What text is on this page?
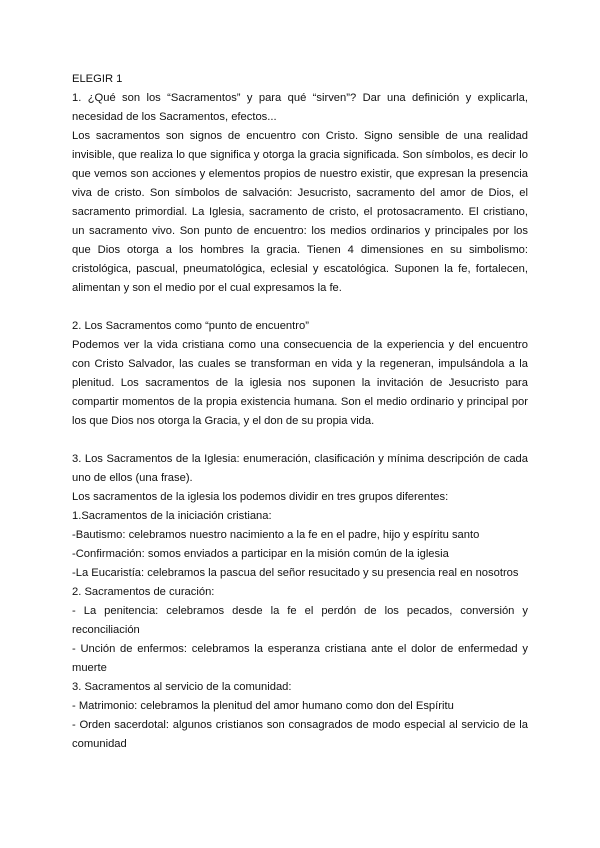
ELEGIR 1

1. ¿Qué son los “Sacramentos” y para qué “sirven”? Dar una definición y explicarla, necesidad de los Sacramentos, efectos...

Los sacramentos son signos de encuentro con Cristo. Signo sensible de una realidad invisible, que realiza lo que significa y otorga la gracia significada. Son símbolos, es decir lo que vemos son acciones y elementos propios de nuestro existir, que expresan la presencia viva de cristo. Son símbolos de salvación: Jesucristo, sacramento del amor de Dios, el sacramento primordial. La Iglesia, sacramento de cristo, el protosacramento. El cristiano, un sacramento vivo. Son punto de encuentro: los medios ordinarios y principales por los que Dios otorga a los hombres la gracia. Tienen 4 dimensiones en su simbolismo: cristológica, pascual, pneumatológica, eclesial y escatológica. Suponen la fe, fortalecen, alimentan y son el medio por el cual expresamos la fe.

2. Los Sacramentos como “punto de encuentro”

Podemos ver la vida cristiana como una consecuencia de la experiencia y del encuentro con Cristo Salvador, las cuales se transforman en vida y la regeneran, impulsándola a la plenitud. Los sacramentos de la iglesia nos suponen la invitación de Jesucristo para compartir momentos de la propia existencia humana. Son el medio ordinario y principal por los que Dios nos otorga la Gracia, y el don de su propia vida.

3. Los Sacramentos de la Iglesia: enumeración, clasificación y mínima descripción de cada uno de ellos (una frase).

Los sacramentos de la iglesia los podemos dividir en tres grupos diferentes:

1.Sacramentos de la iniciación cristiana:

-Bautismo: celebramos nuestro nacimiento a la fe en el padre, hijo y espíritu santo

-Confirmación: somos enviados a participar en la misión común de la iglesia

-La Eucaristía: celebramos la pascua del señor resucitado y su presencia real en nosotros

2. Sacramentos de curación:

- La penitencia: celebramos desde la fe el perdón de los pecados, conversión y reconciliación

- Unción de enfermos: celebramos la esperanza cristiana ante el dolor de enfermedad y muerte

3. Sacramentos al servicio de la comunidad:

- Matrimonio: celebramos la plenitud del amor humano como don del Espíritu

- Orden sacerdotal: algunos cristianos son consagrados de modo especial al servicio de la comunidad
